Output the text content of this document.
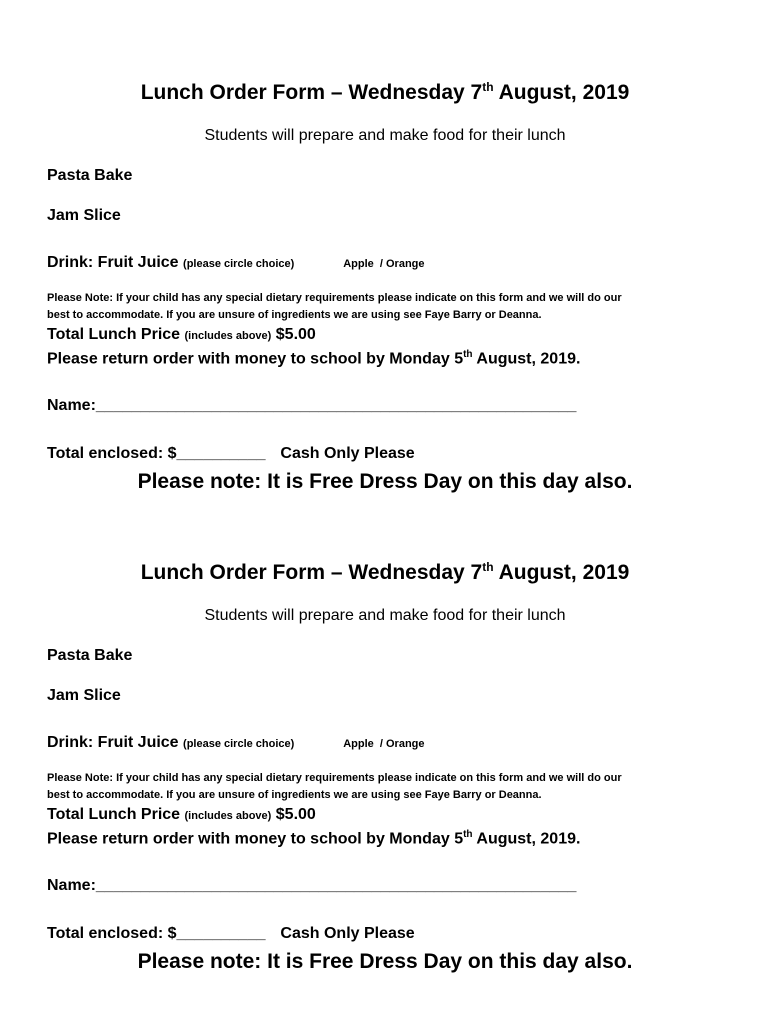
Lunch Order Form – Wednesday 7th August, 2019
Students will prepare and make food for their lunch
Pasta Bake
Jam Slice
Drink: Fruit Juice (please circle choice)	Apple  / Orange
Please Note: If your child has any special dietary requirements please indicate on this form and we will do our
best to accommodate. If you are unsure of ingredients we are using see Faye Barry or Deanna.
Total Lunch Price (includes above) $5.00
Please return order with money to school by Monday 5th August, 2019.
Name:______________________________________________________
Total enclosed: $__________ Cash Only Please
Please note: It is Free Dress Day on this day also.
Lunch Order Form – Wednesday 7th August, 2019
Students will prepare and make food for their lunch
Pasta Bake
Jam Slice
Drink: Fruit Juice (please circle choice)	Apple  / Orange
Please Note: If your child has any special dietary requirements please indicate on this form and we will do our
best to accommodate. If you are unsure of ingredients we are using see Faye Barry or Deanna.
Total Lunch Price (includes above) $5.00
Please return order with money to school by Monday 5th August, 2019.
Name:______________________________________________________
Total enclosed: $__________ Cash Only Please
Please note: It is Free Dress Day on this day also.
